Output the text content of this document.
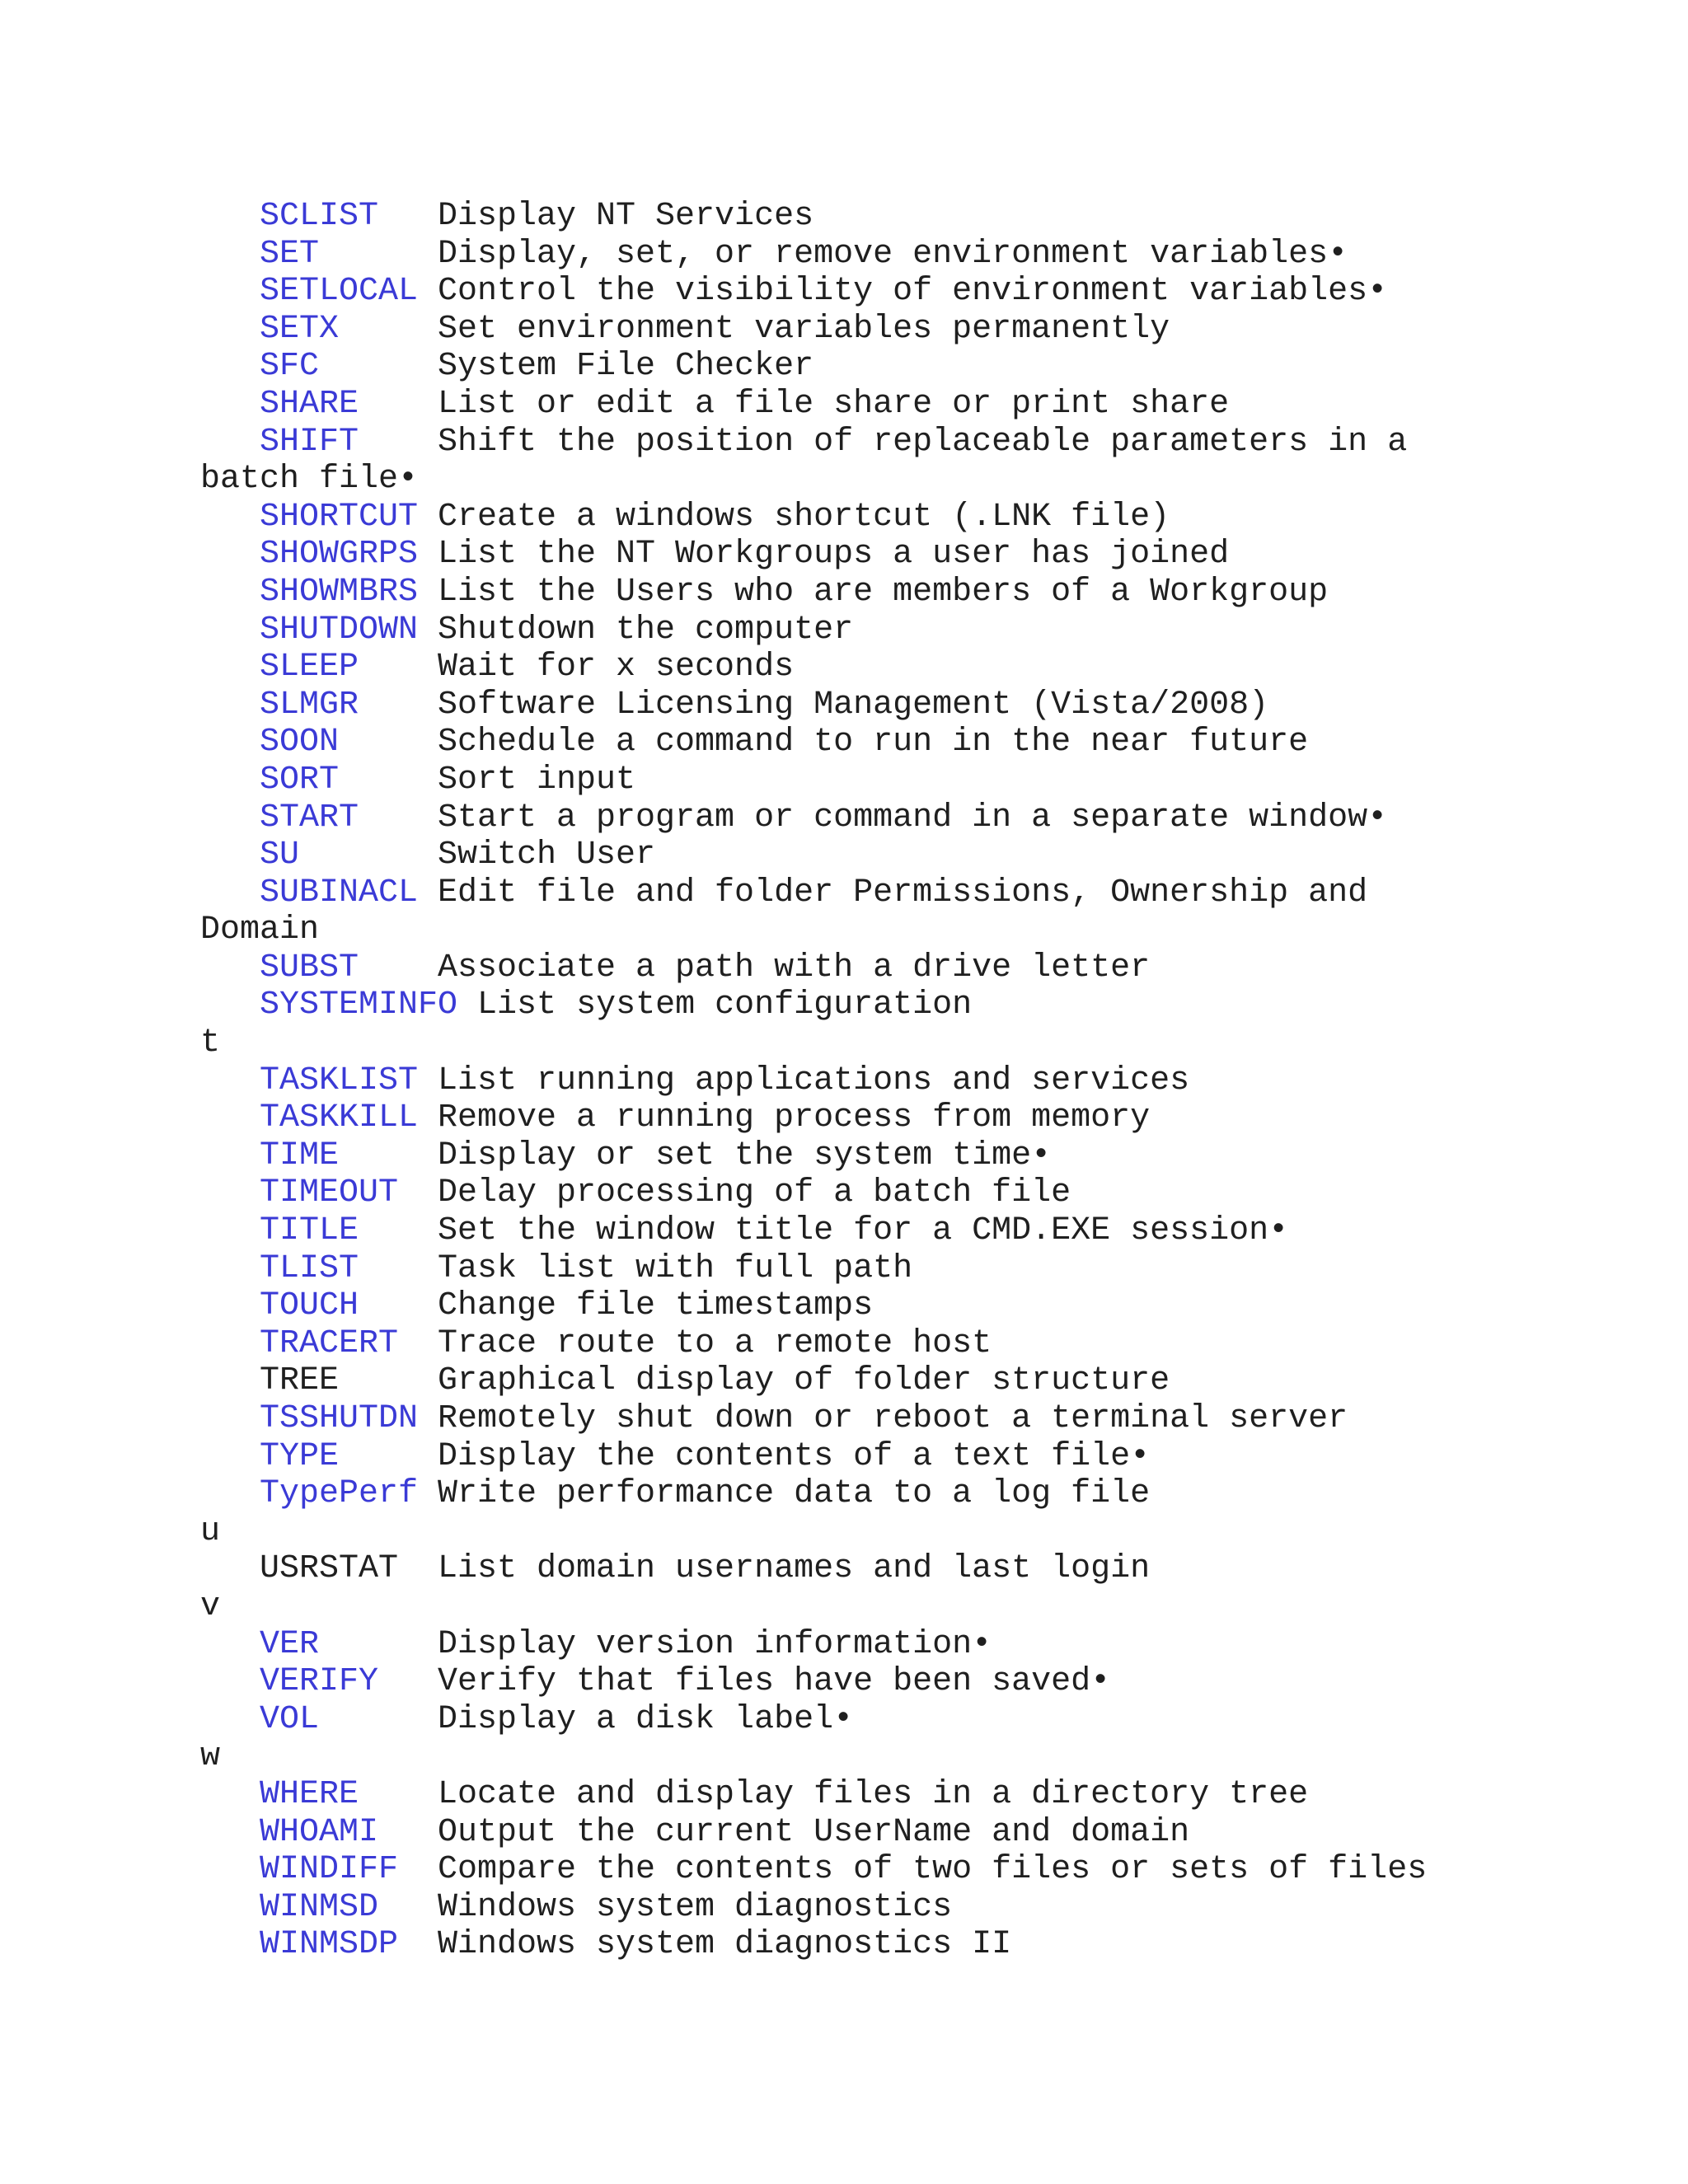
SCLIST Display NT Services
SET	Display, set, or remove environment variables•
SETLOCAL Control the visibility of environment variables•
SETX	Set environment variables permanently
SFC	System File Checker
SHARE List or edit a file share or print share
SHIFT Shift the position of replaceable parameters in a
batch file•
SHORTCUT Create a windows shortcut (.LNK file)
SHOWGRPS List the NT Workgroups a user has joined
SHOWMBRS List the Users who are members of a Workgroup
SHUTDOWN Shutdown the computer
SLEEP Wait for x seconds
SLMGR Software Licensing Management (Vista/2008)
SOON	Schedule a command to run in the near future
SORT	Sort input
START Start a program or command in a separate window•
SU	Switch User
SUBINACL Edit file and folder Permissions, Ownership and
Domain
SUBST Associate a path with a drive letter
SYSTEMINFO List system configuration
t
TASKLIST List running applications and services
TASKKILL Remove a running process from memory
TIME	Display or set the system time•
TIMEOUT Delay processing of a batch file
TITLE Set the window title for a CMD.EXE session•
TLIST Task list with full path
TOUCH Change file timestamps
TRACERT Trace route to a remote host
TREE	Graphical display of folder structure
TSSHUTDN Remotely shut down or reboot a terminal server
TYPE	Display the contents of a text file•
TypePerf Write performance data to a log file
u
USRSTAT List domain usernames and last login
v
VER	Display version information•
VERIFY Verify that files have been saved•
VOL	Display a disk label•
w
WHERE Locate and display files in a directory tree
WHOAMI Output the current UserName and domain
WINDIFF Compare the contents of two files or sets of files
WINMSD Windows system diagnostics
WINMSDP Windows system diagnostics II
